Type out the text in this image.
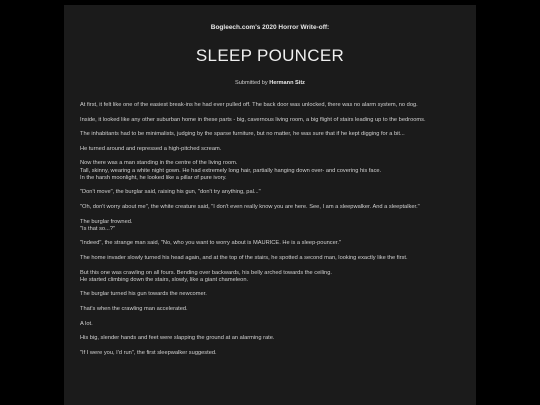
Bogleech.com's 2020 Horror Write-off:
SLEEP POUNCER
Submitted by Hermann Sitz

At first, it felt like one of the easiest break-ins he had ever pulled off. The back door was unlocked, there was no alarm system, no dog.

Inside, it looked like any other suburban home in these parts - big, cavernous living room, a big flight of stairs leading up to the bedrooms.

The inhabitants had to be minimalists, judging by the sparse furniture, but no matter, he was sure that if he kept digging for a bit...

He turned around and repressed a high-pitched scream.

Now there was a man standing in the centre of the living room.
Tall, skinny, wearing a white night gown. He had extremely long hair, partially hanging down over- and covering his face.
In the harsh moonlight, he looked like a pillar of pure ivory.

"Don't move", the burglar said, raising his gun, "don't try anything, pal..."

"Oh, don't worry about me", the white creature said, "I don't even really know you are here. See, I am a sleepwalker. And a sleeptalker."

The burglar frowned.
"Is that so...?"

"Indeed", the strange man said, "No, who you want to worry about is MAURICE. He is a sleep-pouncer."

The home invader slowly turned his head again, and at the top of the stairs, he spotted a second man, looking exactly like the first.

But this one was crawling on all fours. Bending over backwards, his belly arched towards the ceiling.
He started climbing down the stairs, slowly, like a giant chameleon.

The burglar turned his gun towards the newcomer.

That's when the crawling man accelerated.

A lot.

His big, slender hands and feet were slapping the ground at an alarming rate.

"If I were you, I'd run", the first sleepwalker suggested.
